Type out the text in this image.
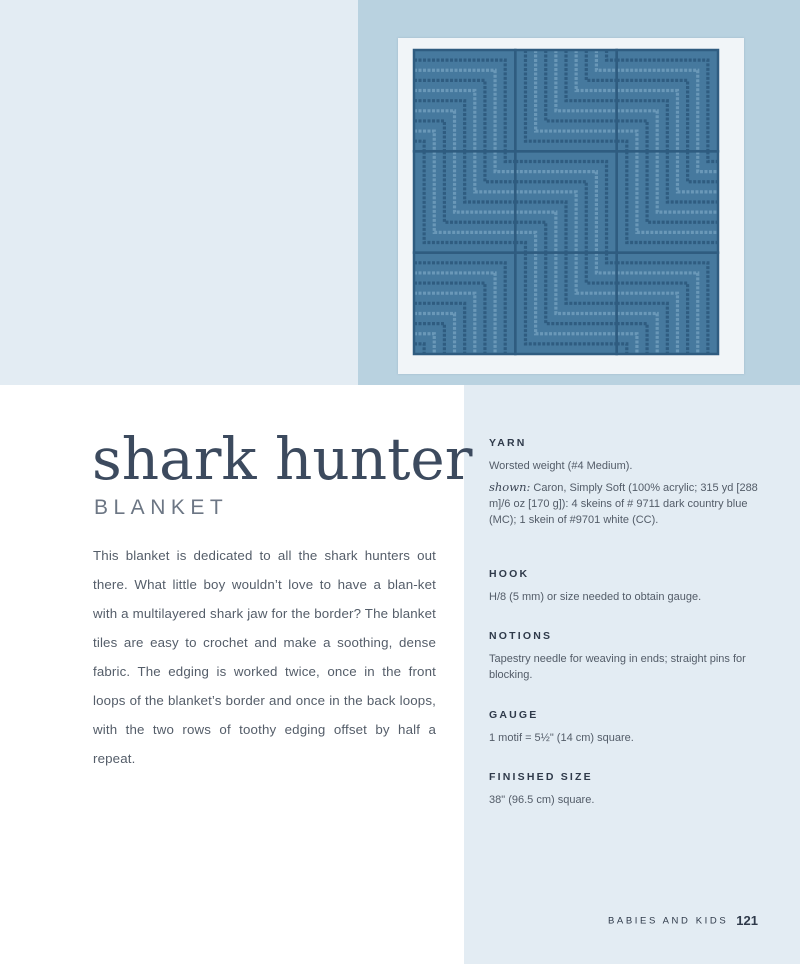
shark hunter
BLANKET

This blanket is dedicated to all the shark hunters out there. What little boy wouldn’t love to have a blan-ket with a multilayered shark jaw for the border? The blanket tiles are easy to crochet and make a soothing, dense fabric. The edging is worked twice, once in the front loops of the blanket’s border and once in the back loops, with the two rows of toothy edging offset by half a repeat.

YARN

Worsted weight (#4 Medium).

shown: Caron, Simply Soft (100% acrylic; 315 yd [288 m]/6 oz [170 g]): 4 skeins of # 9711 dark country blue (MC); 1 skein of #9701 white (CC).

HOOK

H/8 (5 mm) or size needed to obtain gauge.

NOTIONS

Tapestry needle for weaving in ends; straight pins for blocking.

GAUGE

1 motif = 5½" (14 cm) square.

FINISHED SIZE

38" (96.5 cm) square.

BABIES AND KIDS 121
